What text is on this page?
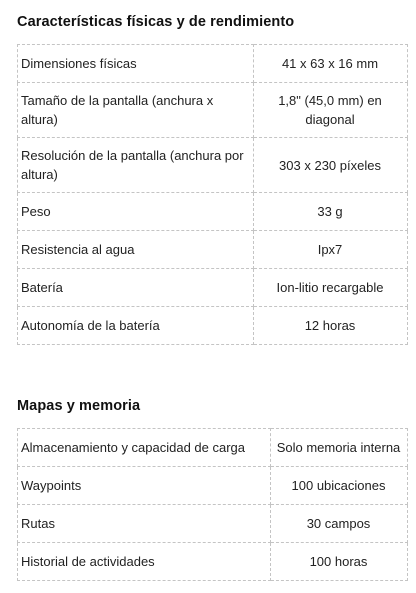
Características físicas y de rendimiento
Dimensiones físicas	41 x 63 x 16 mm
Tamaño de la pantalla (anchura x altura)	1,8" (45,0 mm) en diagonal
Resolución de la pantalla (anchura por altura)	303 x 230 píxeles
Peso	33 g
Resistencia al agua	Ipx7
Batería	Ion-litio recargable
Autonomía de la batería	12 horas
Mapas y memoria
Almacenamiento y capacidad de carga	Solo memoria interna
Waypoints	100 ubicaciones
Rutas	30 campos
Historial de actividades	100 horas
